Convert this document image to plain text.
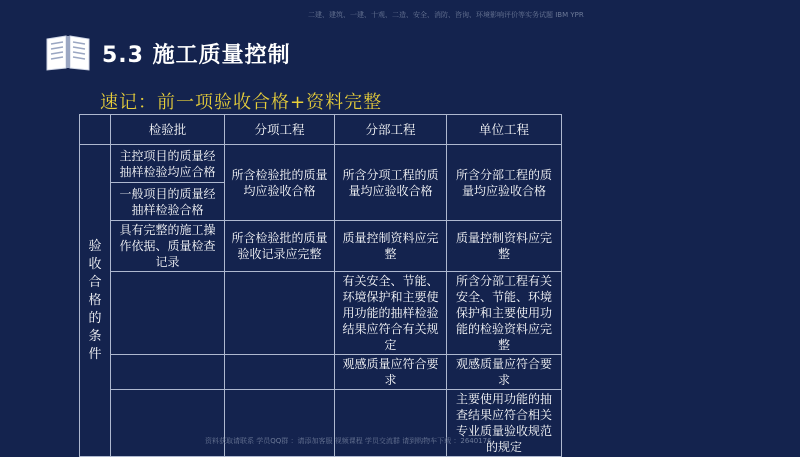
二建、建筑、一建、十观、二造、安全、消防、咨询、环境影响评价等实务试题 IBM YPR
5.3 施工质量控制
速记：前一项验收合格+资料完整
	检验批	分项工程	分部工程	单位工程
验收合格的条件	主控项目的质量经抽样检验均应合格	所含检验批的质量均应验收合格	所含分项工程的质量均应验收合格	所含分部工程的质量均应验收合格
	一般项目的质量经抽样检验合格			
	具有完整的施工操作依据、质量检查记录	所含检验批的质量验收记录应完整	质量控制资料应完整	质量控制资料应完整
			有关安全、节能、环境保护和主要使用功能的抽样检验结果应符合有关规定	所含分部工程有关安全、节能、环境保护和主要使用功能的检验资料应完整
			观感质量应符合要求	观感质量应符合要求
				主要使用功能的抽查结果应符合相关专业质量验收规范的规定
资料获取请联系 学员QQ群 ：请添加客服 视频课程 学员交流群 请到购物车下载 ：2640176
